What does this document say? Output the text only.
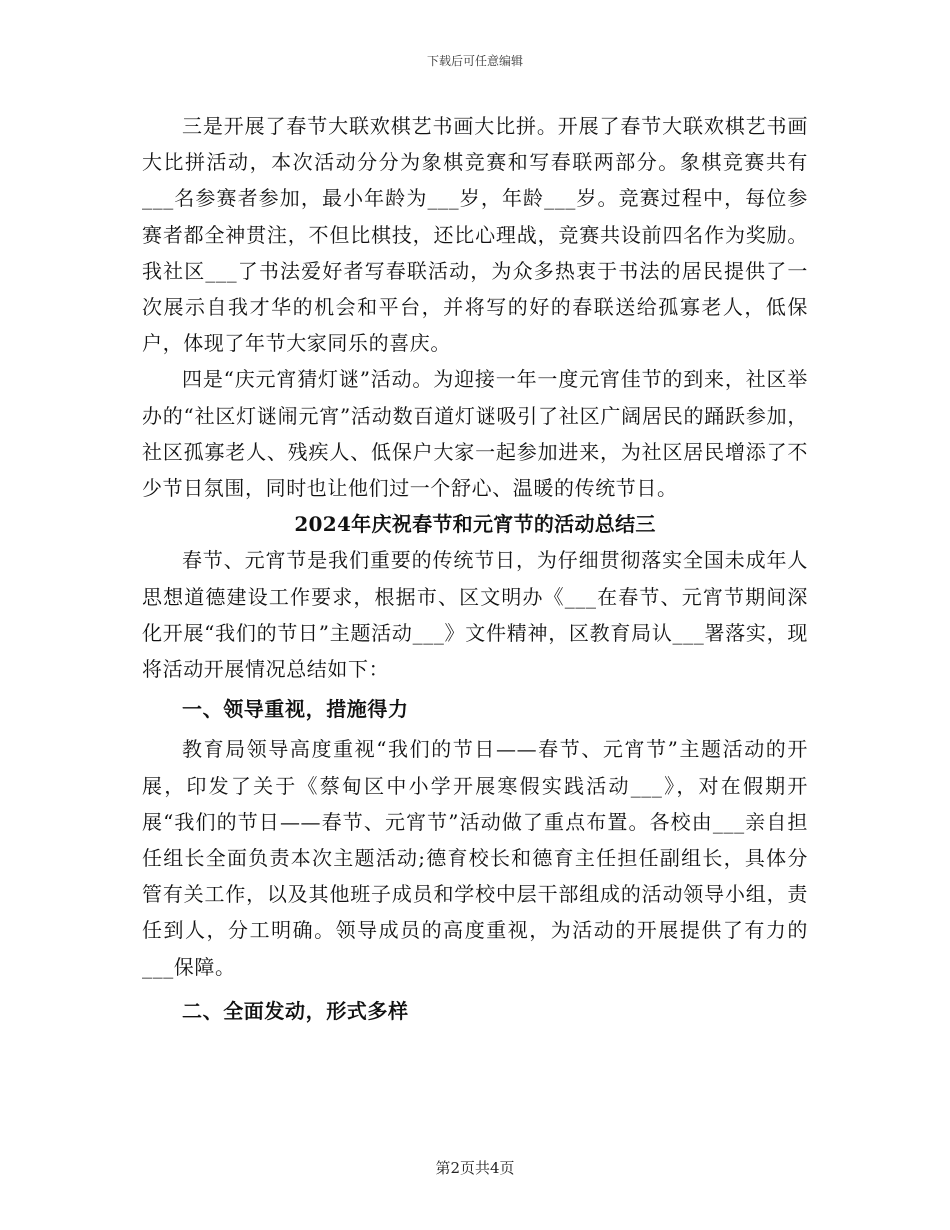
下载后可任意编辑

三是开展了春节大联欢棋艺书画大比拼。开展了春节大联欢棋艺书画大比拼活动，本次活动分分为象棋竞赛和写春联两部分。象棋竞赛共有___名参赛者参加，最小年龄为___岁，年龄___岁。竞赛过程中，每位参赛者都全神贯注，不但比棋技，还比心理战，竞赛共设前四名作为奖励。我社区___了书法爱好者写春联活动，为众多热衷于书法的居民提供了一次展示自我才华的机会和平台，并将写的好的春联送给孤寡老人，低保户，体现了年节大家同乐的喜庆。

四是“庆元宵猜灯谜”活动。为迎接一年一度元宵佳节的到来，社区举办的“社区灯谜闹元宵”活动数百道灯谜吸引了社区广阔居民的踊跃参加，社区孤寡老人、残疾人、低保户大家一起参加进来，为社区居民增添了不少节日氛围，同时也让他们过一个舒心、温暖的传统节日。

2024年庆祝春节和元宵节的活动总结三

春节、元宵节是我们重要的传统节日，为仔细贯彻落实全国未成年人思想道德建设工作要求，根据市、区文明办《___在春节、元宵节期间深化开展“我们的节日”主题活动___》文件精神，区教育局认___署落实，现将活动开展情况总结如下：

一、领导重视，措施得力

教育局领导高度重视“我们的节日——春节、元宵节”主题活动的开展，印发了关于《蔡甸区中小学开展寒假实践活动___》，对在假期开展“我们的节日——春节、元宵节”活动做了重点布置。各校由___亲自担任组长全面负责本次主题活动;德育校长和德育主任担任副组长，具体分管有关工作，以及其他班子成员和学校中层干部组成的活动领导小组，责任到人，分工明确。领导成员的高度重视，为活动的开展提供了有力的___保障。

二、全面发动，形式多样

第2页共4页
